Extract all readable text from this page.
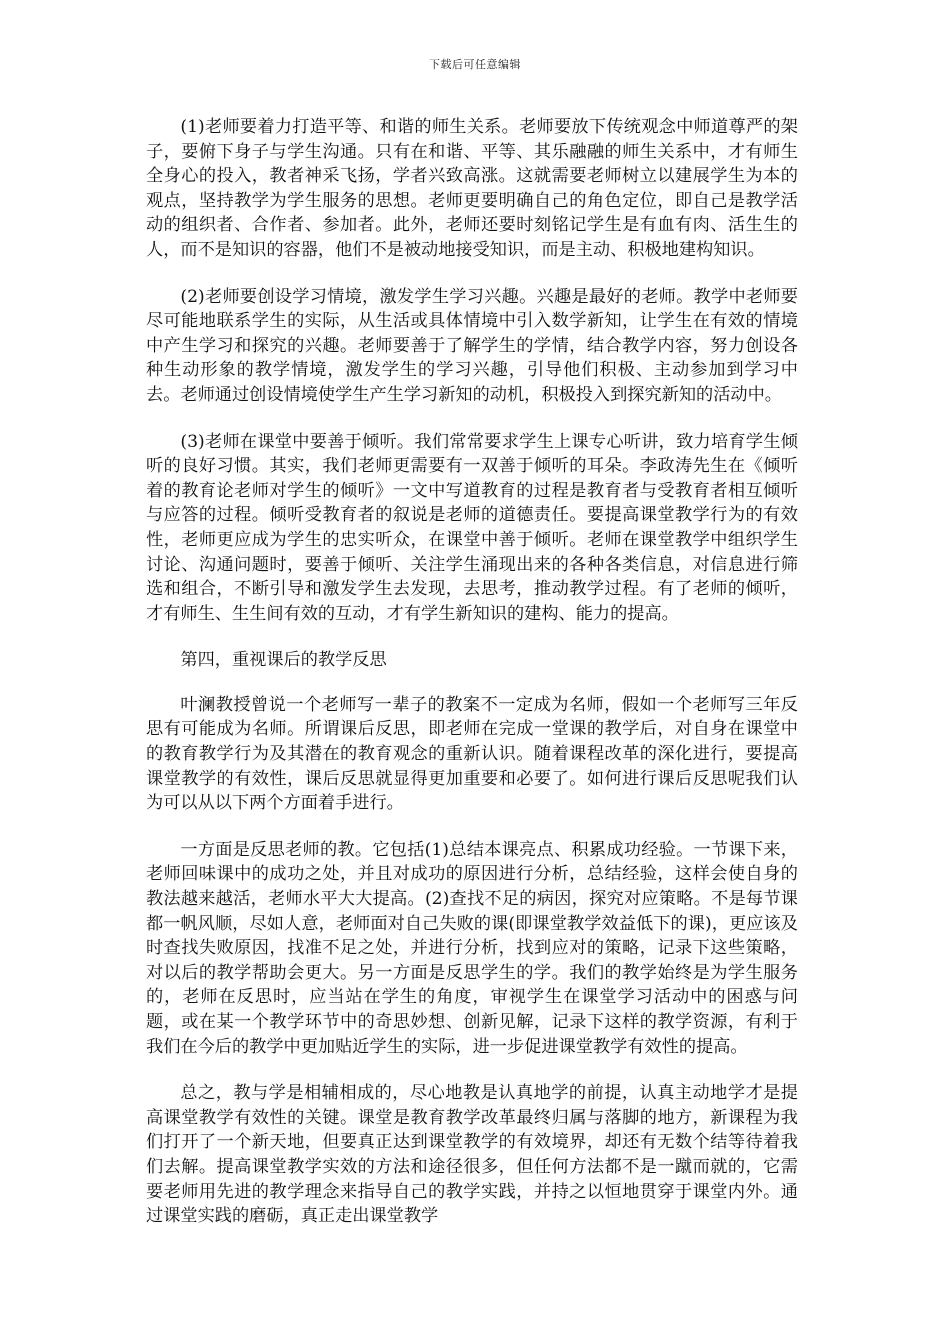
下载后可任意编辑

(1)老师要着力打造平等、和谐的师生关系。老师要放下传统观念中师道尊严的架子，要俯下身子与学生沟通。只有在和谐、平等、其乐融融的师生关系中，才有师生全身心的投入，教者神采飞扬，学者兴致高涨。这就需要老师树立以建展学生为本的观点，坚持教学为学生服务的思想。老师更要明确自己的角色定位，即自己是教学活动的组织者、合作者、参加者。此外，老师还要时刻铭记学生是有血有肉、活生生的人，而不是知识的容器，他们不是被动地接受知识，而是主动、积极地建构知识。

(2)老师要创设学习情境，激发学生学习兴趣。兴趣是最好的老师。教学中老师要尽可能地联系学生的实际，从生活或具体情境中引入数学新知，让学生在有效的情境中产生学习和探究的兴趣。老师要善于了解学生的学情，结合教学内容，努力创设各种生动形象的教学情境，激发学生的学习兴趣，引导他们积极、主动参加到学习中去。老师通过创设情境使学生产生学习新知的动机，积极投入到探究新知的活动中。

(3)老师在课堂中要善于倾听。我们常常要求学生上课专心听讲，致力培育学生倾听的良好习惯。其实，我们老师更需要有一双善于倾听的耳朵。李政涛先生在《倾听着的教育论老师对学生的倾听》一文中写道教育的过程是教育者与受教育者相互倾听与应答的过程。倾听受教育者的叙说是老师的道德责任。要提高课堂教学行为的有效性，老师更应成为学生的忠实听众，在课堂中善于倾听。老师在课堂教学中组织学生讨论、沟通问题时，要善于倾听、关注学生涌现出来的各种各类信息，对信息进行筛选和组合，不断引导和激发学生去发现，去思考，推动教学过程。有了老师的倾听，才有师生、生生间有效的互动，才有学生新知识的建构、能力的提高。

第四，重视课后的教学反思

叶澜教授曾说一个老师写一辈子的教案不一定成为名师，假如一个老师写三年反思有可能成为名师。所谓课后反思，即老师在完成一堂课的教学后，对自身在课堂中的教育教学行为及其潜在的教育观念的重新认识。随着课程改革的深化进行，要提高课堂教学的有效性，课后反思就显得更加重要和必要了。如何进行课后反思呢我们认为可以从以下两个方面着手进行。

一方面是反思老师的教。它包括(1)总结本课亮点、积累成功经验。一节课下来，老师回味课中的成功之处，并且对成功的原因进行分析，总结经验，这样会使自身的教法越来越活，老师水平大大提高。(2)查找不足的病因，探究对应策略。不是每节课都一帆风顺，尽如人意，老师面对自己失败的课(即课堂教学效益低下的课)，更应该及时查找失败原因，找准不足之处，并进行分析，找到应对的策略，记录下这些策略，对以后的教学帮助会更大。另一方面是反思学生的学。我们的教学始终是为学生服务的，老师在反思时，应当站在学生的角度，审视学生在课堂学习活动中的困惑与问题，或在某一个教学环节中的奇思妙想、创新见解，记录下这样的教学资源，有利于我们在今后的教学中更加贴近学生的实际，进一步促进课堂教学有效性的提高。

总之，教与学是相辅相成的，尽心地教是认真地学的前提，认真主动地学才是提高课堂教学有效性的关键。课堂是教育教学改革最终归属与落脚的地方，新课程为我们打开了一个新天地，但要真正达到课堂教学的有效境界，却还有无数个结等待着我们去解。提高课堂教学实效的方法和途径很多，但任何方法都不是一蹴而就的，它需要老师用先进的教学理念来指导自己的教学实践，并持之以恒地贯穿于课堂内外。通过课堂实践的磨砺，真正走出课堂教学
